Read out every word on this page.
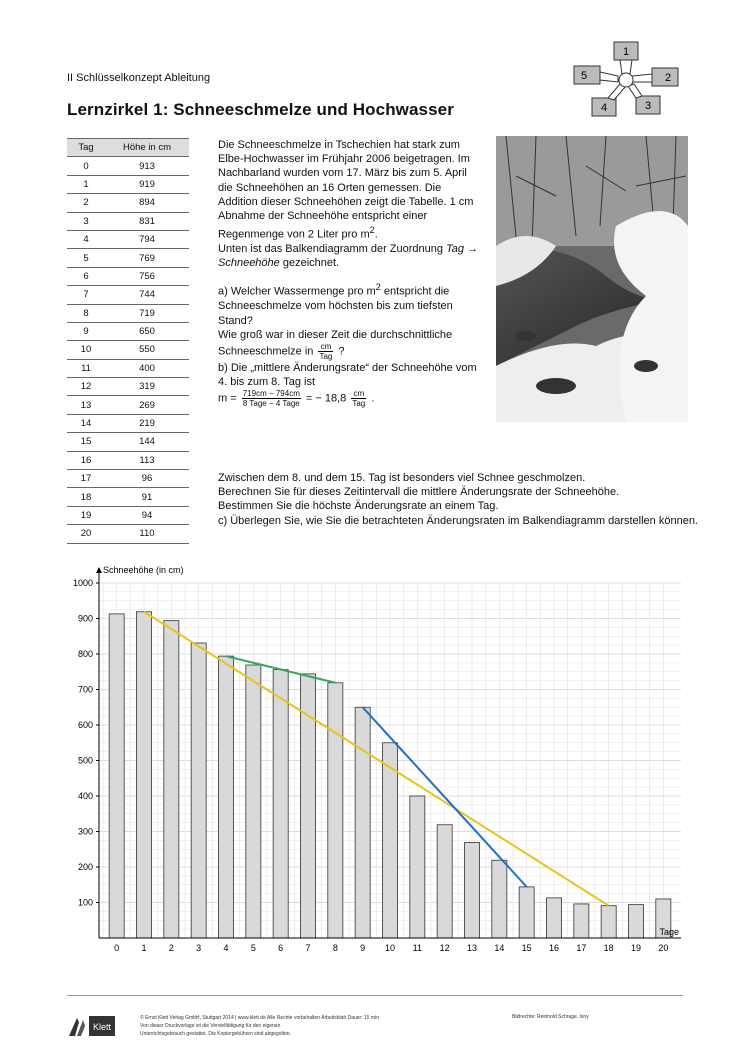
II Schlüsselkonzept Ableitung
Lernzirkel 1: Schneeschmelze und Hochwasser
1
2
3
4
5
Tag	Höhe in cm
0	913
1	919
2	894
3	831
4	794
5	769
6	756
7	744
8	719
9	650
10	550
11	400
12	319
13	269
14	219
15	144
16	113
17	96
18	91
19	94
20	110

Die Schneeschmelze in Tschechien hat stark zum Elbe-Hochwasser im Frühjahr 2006 beigetragen. Im Nachbarland wurden vom 17. März bis zum 5. April die Schneehöhen an 16 Orten gemessen. Die Addition dieser Schneehöhen zeigt die Tabelle. 1 cm Abnahme der Schneehöhe entspricht einer Regenmenge von 2 Liter pro $m^2$.

Unten ist das Balkendiagramm der Zuordnung Tag → Schneehöhe gezeichnet.

a) Welcher Wassermenge pro $m^2$ entspricht die Schneeschmelze vom höchsten bis zum tiefsten Stand?

Wie groß war in dieser Zeit die durchschnittliche Schneeschmelze in $\frac{cm}{\text{Tag}}$ ?

b) Die „mittlere Änderungsrate“ der Schneehöhe vom 4. bis zum 8. Tag ist

$m = \frac{719cm - 794cm}{\text{8 Tage − 4 Tage}}$ = − $18,8 \frac{cm}{\text{Tag}}$ .

Zwischen dem 8. und dem 15. Tag ist besonders viel Schnee geschmolzen.

Berechnen Sie für dieses Zeitintervall die mittlere Änderungsrate der Schneehöhe.

Bestimmen Sie die höchste Änderungsrate an einem Tag.

c) Überlegen Sie, wie Sie die betrachteten Änderungsraten im Balkendiagramm darstellen können.

100
200
300
400
500
600
700
800
900
1000
0 1 2 3 4 5 6 7 8 9 10 11 12 13 14 15 16 17 18 19 20
Schneehöhe (in cm)
Tage
Klett
© Ernst Klett Verlag GmbH, Stuttgart 2014 | www.klett.de Alle Rechte vorbehalten Arbeitsblatt Dauer: 15 min
Von dieser Druckvorlage ist die Vervielfältigung für den eigenen
Unterrichtsgebrauch gestattet. Die Kopiergebühren sind abgegolten.
Bildrechte: Reinhold Schrage, Isny
